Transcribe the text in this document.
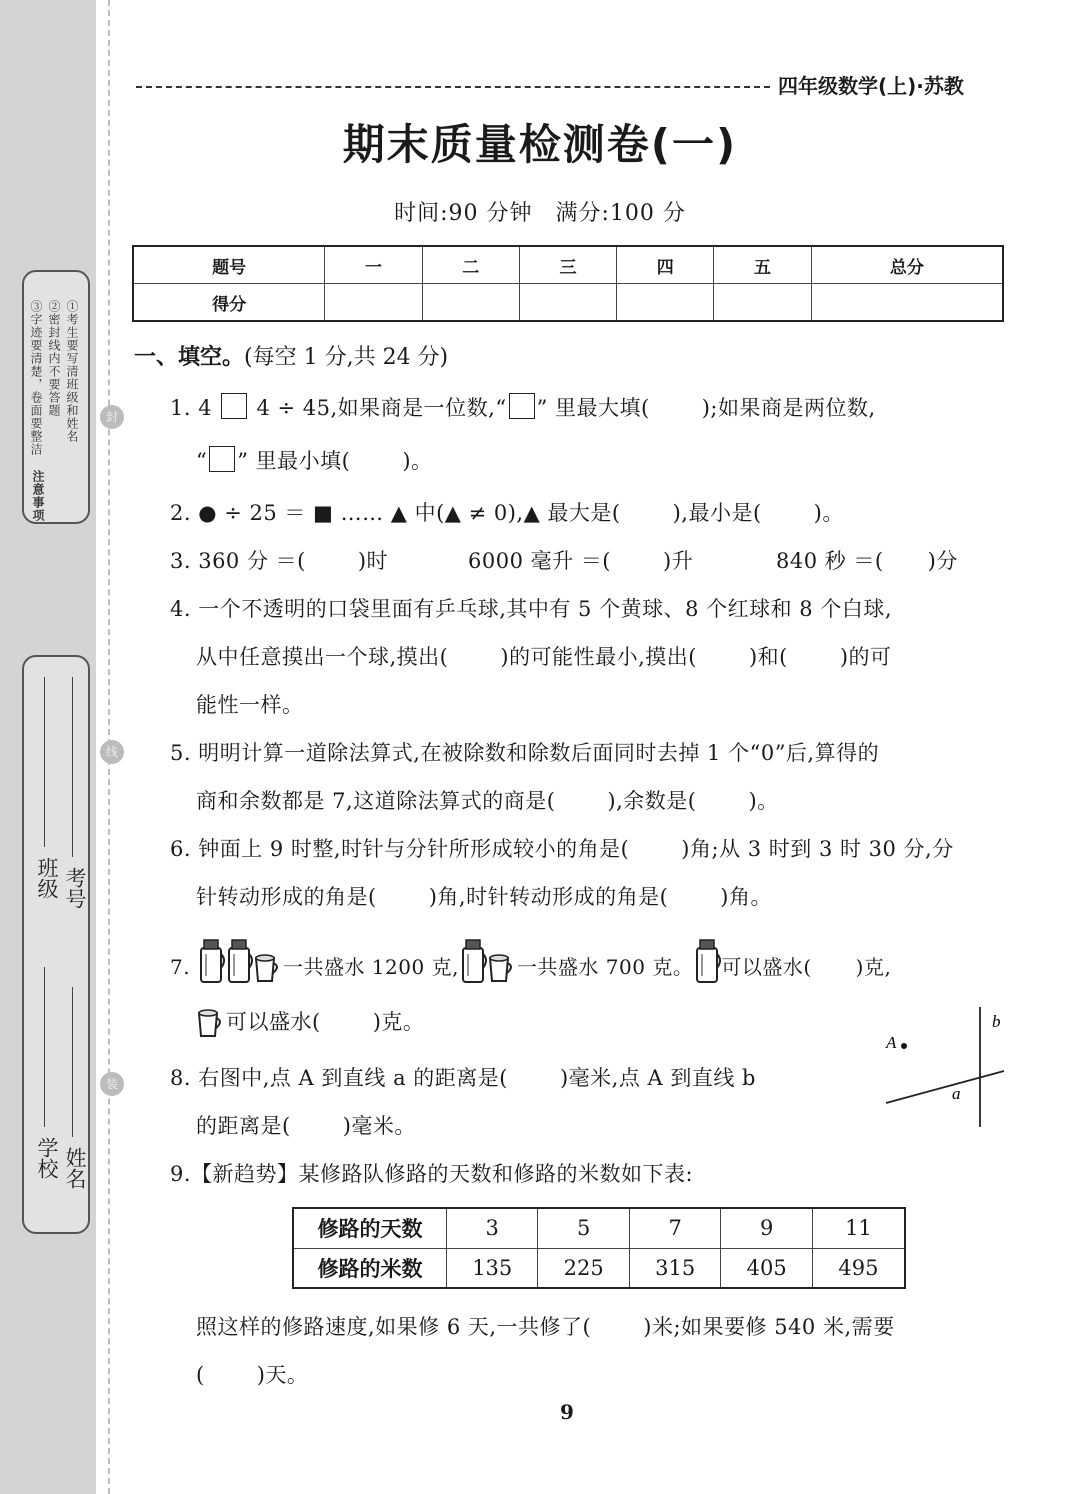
③字迹要清楚，卷面要整洁 ②密封线内不要答题 ①考生要写清班级和姓名
注意事项
班级 考号
学校 姓名
封
线
装
四年级数学(上)·苏教
期末质量检测卷(一)
时间:90 分钟　满分:100 分
题号	一	二	三	四	五	总分
得分						
一、填空。(每空 1 分,共 24 分)
1. 4 4 ÷ 45,如果商是一位数,“ ” 里最大填( );如果商是两位数,
“ ” 里最小填( )。
2. ● ÷ 25 ＝ ■ …… ▲ 中(▲ ≠ 0),▲ 最大是( ),最小是( )。
3. 360 分 ＝( )时	6000 毫升 ＝( )升	840 秒 ＝( )分
4. 一个不透明的口袋里面有乒乓球,其中有 5 个黄球、8 个红球和 8 个白球,
从中任意摸出一个球,摸出( )的可能性最小,摸出( )和( )的可
能性一样。
5. 明明计算一道除法算式,在被除数和除数后面同时去掉 1 个“0”后,算得的
商和余数都是 7,这道除法算式的商是( ),余数是( )。
6. 钟面上 9 时整,时针与分针所形成较小的角是( )角;从 3 时到 3 时 30 分,分
针转动形成的角是( )角,时针转动形成的角是( )角。
7.	一共盛水 1200 克,	一共盛水 700 克。 可以盛水( )克,
可以盛水( )克。
8. 右图中,点 A 到直线 a 的距离是( )毫米,点 A 到直线 b
的距离是( )毫米。
A
a
b
9.【新趋势】某修路队修路的天数和修路的米数如下表:
修路的天数	3	5	7	9	11
修路的米数	135	225	315	405	495
照这样的修路速度,如果修 6 天,一共修了( )米;如果要修 540 米,需要
( )天。
9
